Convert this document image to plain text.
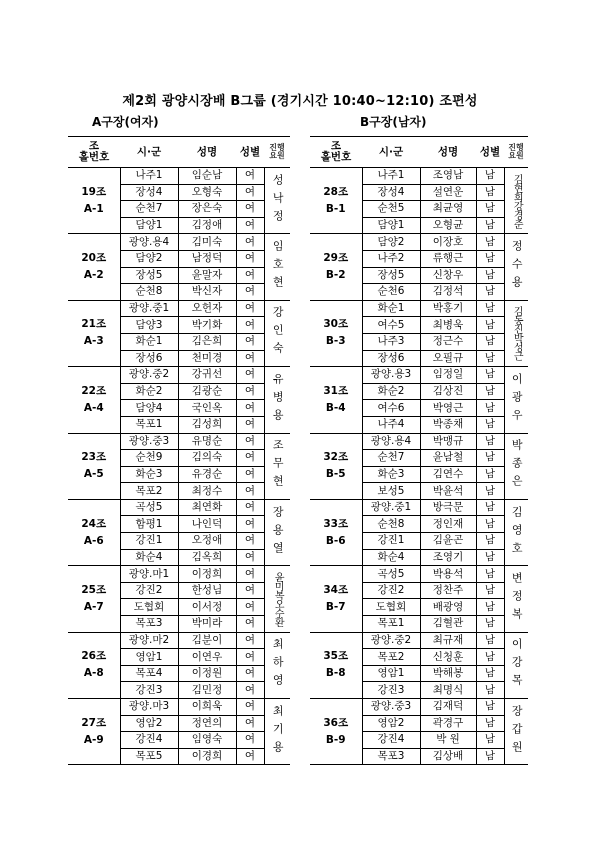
제2회 광양시장배 B그룹 (경기시간 10:40~12:10) 조편성
A구장(여자)	B구장(남자)
조
홀번호	시·군	성명	성별	진행
요원

19조
A-1	나주1	임순남	여	성낙정

	장성4	오형숙	여	
	순천7	장은숙	여	
	담양1	김정애	여	

20조
A-2	광양.용4	김미숙	여	임호현

	담양2	남정덕	여	
	장성5	윤말자	여	
	순천8	박신자	여	

21조
A-3	광양.중1	오헌자	여	강인숙

	담양3	박기화	여	
	화순1	김은희	여	
	장성6	천미경	여	

22조
A-4	광양.중2	강귀선	여	유병용

	화순2	김광순	여	
	담양4	국인옥	여	
	목포1	김성희	여	

23조
A-5	광양.중3	유명순	여	조무현

	순천9	김의숙	여	
	화순3	유경순	여	
	목포2	최정수	여	

24조
A-6	곡성5	최연화	여	장용열

	함평1	나인덕	여	
	강진1	오정애	여	
	화순4	김옥희	여	

25조
A-7	광양.마1	이정희	여	윤미복오수환

	강진2	한성님	여	
	도협회	이서정	여	
	목포3	박미라	여	

26조
A-8	광양.마2	김분이	여	최하영

	영암1	이연우	여	
	목포4	이정원	여	
	강진3	김민정	여	

27조
A-9	광양.마3	이희욱	여	최기용

	영암2	정연의	여	
	강진4	임영숙	여	
	목포5	이경희	여	
조
홀번호	시·군	성명	성별	진행
요원

28조
B-1	나주1	조영남	남	김현희강경준

	장성4	설연운	남	
	순천5	최균영	남	
	담양1	오형균	남	

29조
B-2	담양2	이장호	남	정수용

	나주2	류행근	남	
	장성5	신창우	남	
	순천6	김정석	남	

30조
B-3	화순1	박홍기	남	김동진박성근

	여수5	최병욱	남	
	나주3	정근수	남	
	장성6	오필규	남	

31조
B-4	광양.용3	임정일	남	이광우

	화순2	김상진	남	
	여수6	박영근	남	
	나주4	박종채	남	

32조
B-5	광양.용4	박맹규	남	박종은

	순천7	윤남철	남	
	화순3	김연수	남	
	보성5	박윤석	남	

33조
B-6	광양.중1	방극문	남	김영호

	순천8	정인재	남	
	강진1	김윤곤	남	
	화순4	조영기	남	

34조
B-7	곡성5	박용석	남	변정복

	강진2	정찬주	남	
	도협회	배광영	남	
	목포1	김혈관	남	

35조
B-8	광양.중2	최규재	남	이강목

	목포2	신청훈	남	
	영암1	박해봉	남	
	강진3	최명식	남	

36조
B-9	광양.중3	김재덕	남	장갑원

	영암2	곽경구	남	
	강진4	박 원	남	
	목포3	김상배	남	
